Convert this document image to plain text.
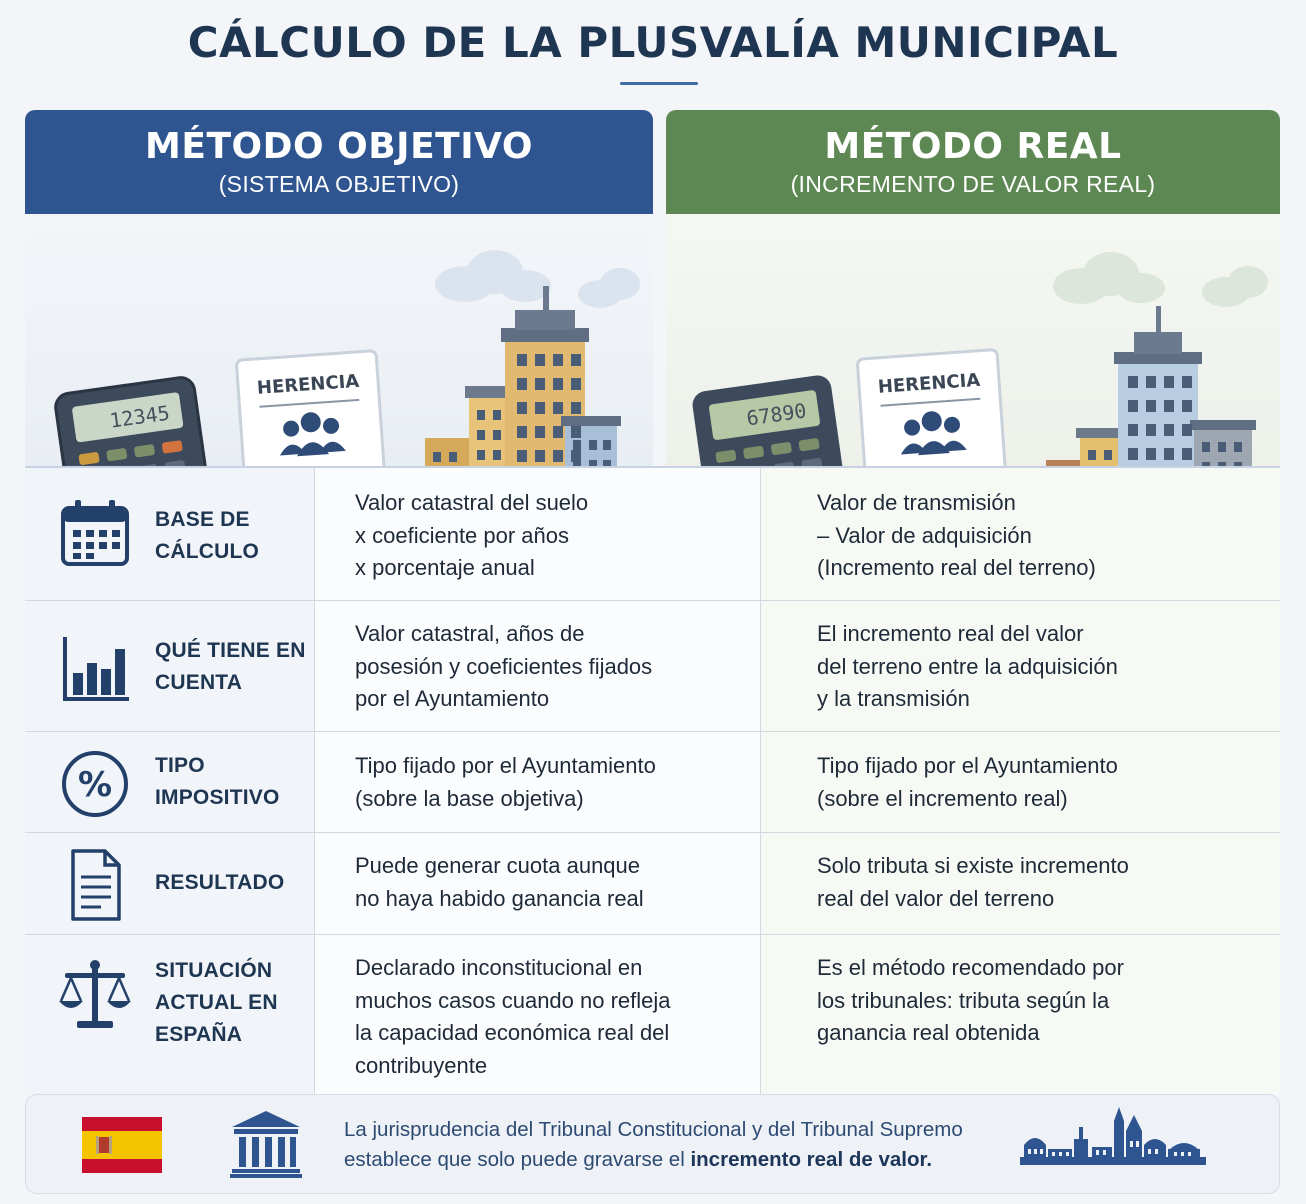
CÁLCULO DE LA PLUSVALÍA MUNICIPAL
MÉTODO OBJETIVO
(SISTEMA OBJETIVO)
12345
HERENCIA
MÉTODO REAL
(INCREMENTO DE VALOR REAL)
67890
HERENCIA
BASE DE
CÁLCULO
Valor catastral del suelo
x coeficiente por años
x porcentaje anual
Valor de transmisión
– Valor de adquisición
(Incremento real del terreno)
QUÉ TIENE EN
CUENTA
Valor catastral, años de
posesión y coeficientes fijados
por el Ayuntamiento
El incremento real del valor
del terreno entre la adquisición
y la transmisión
% TIPO
IMPOSITIVO
Tipo fijado por el Ayuntamiento
(sobre la base objetiva)
Tipo fijado por el Ayuntamiento
(sobre el incremento real)
RESULTADO
Puede generar cuota aunque
no haya habido ganancia real
Solo tributa si existe incremento
real del valor del terreno
SITUACIÓN
ACTUAL EN
ESPAÑA
Declarado inconstitucional en
muchos casos cuando no refleja
la capacidad económica real del
contribuyente
Es el método recomendado por
los tribunales: tributa según la
ganancia real obtenida
La jurisprudencia del Tribunal Constitucional y del Tribunal Supremo
establece que solo puede gravarse el incremento real de valor.
